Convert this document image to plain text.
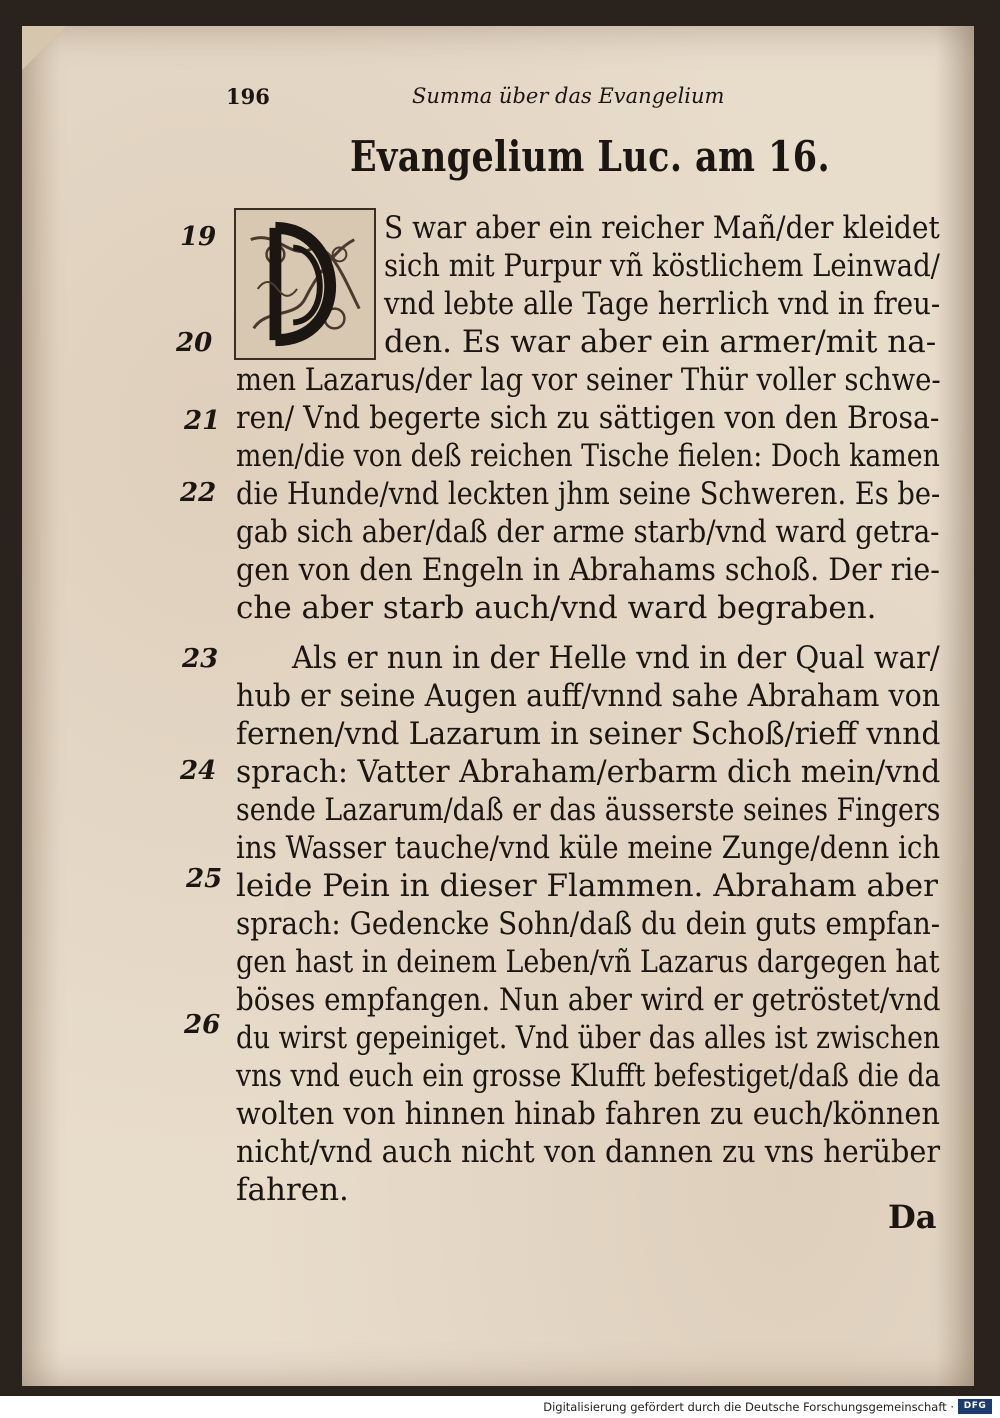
196	Summa über das Evangelium
Evangelium Luc. am 16.
S war aber ein reicher Mañ/der kleidet
sich mit Purpur vñ köstlichem Leinwad/
vnd lebte alle Tage herrlich vnd in freu-
den. Es war aber ein armer/mit na-
men Lazarus/der lag vor seiner Thür voller schwe-
ren/ Vnd begerte sich zu sättigen von den Brosa-
men/die von deß reichen Tische fielen: Doch kamen
die Hunde/vnd leckten jhm seine Schweren. Es be-
gab sich aber/daß der arme starb/vnd ward getra-
gen von den Engeln in Abrahams schoß. Der rie-
che aber starb auch/vnd ward begraben.
Als er nun in der Helle vnd in der Qual war/
hub er seine Augen auff/vnnd sahe Abraham von
fernen/vnd Lazarum in seiner Schoß/rieff vnnd
sprach: Vatter Abraham/erbarm dich mein/vnd
sende Lazarum/daß er das äusserste seines Fingers
ins Wasser tauche/vnd küle meine Zunge/denn ich
leide Pein in dieser Flammen. Abraham aber
sprach: Gedencke Sohn/daß du dein guts empfan-
gen hast in deinem Leben/vñ Lazarus dargegen hat
böses empfangen. Nun aber wird er getröstet/vnd
du wirst gepeiniget. Vnd über das alles ist zwischen
vns vnd euch ein grosse Klufft befestiget/daß die da
wolten von hinnen hinab fahren zu euch/können
nicht/vnd auch nicht von dannen zu vns herüber
fahren.
19
20
21
22
23
24
25
26
Da
Digitalisierung gefördert durch die Deutsche Forschungsgemeinschaft ·	DFG
